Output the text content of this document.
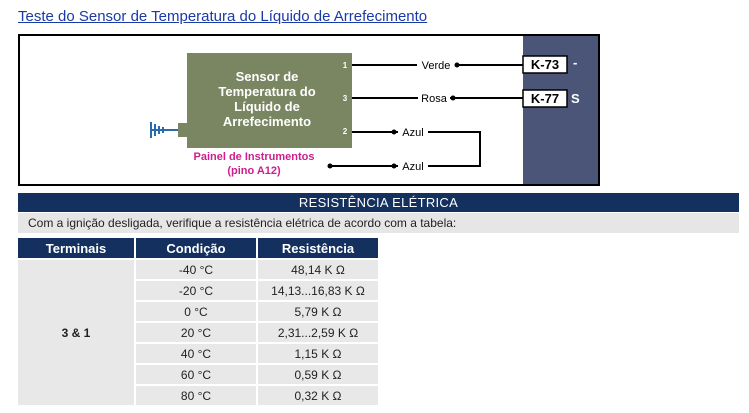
Teste do Sensor de Temperatura do Líquido de Arrefecimento
K-73 -
K-77 S
Sensor de
Temperatura do
Líquido de
Arrefecimento
1
3
2
Verde
Rosa
Azul
Azul
Painel de Instrumentos
(pino A12)
RESISTÊNCIA ELÉTRICA
Com a ignição desligada, verifique a resistência elétrica de acordo com a tabela:
Terminais	Condição	Resistência
3 & 1	-40 °C	48,14 K Ω
	-20 °C	14,13...16,83 K Ω
	0 °C	5,79 K Ω
	20 °C	2,31...2,59 K Ω
	40 °C	1,15 K Ω
	60 °C	0,59 K Ω
	80 °C	0,32 K Ω
